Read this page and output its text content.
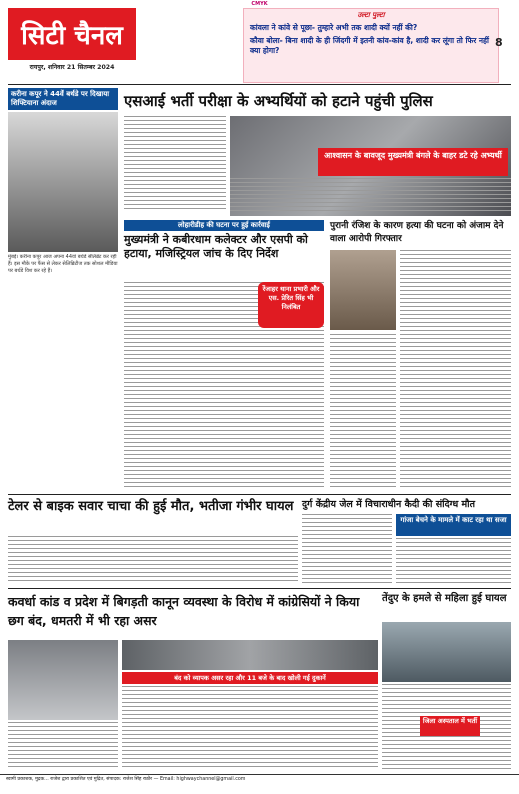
CMYK
सिटी चैनल
रायपुर, शनिवार 21 सितम्बर 2024
उल्टा पुल्टा
कांवला ने कांवे से पूछा- तुम्हारे अभी तक शादी क्यों नहीं की?
कौवा बोला- बिना शादी के ही जिंदगी में इतनी कांव-कांव है, शादी कर लूंगा तो फिर नहीं क्या होगा?
8
करीना कपूर ने 44वें बर्थडे पर दिखाया शिफ्टियाना अंदाज
मुंबई। करीना कपूर आज अपना 44वां बर्थडे सेलिब्रेट कर रही हैं। इस मौके पर फैंस से लेकर सेलिब्रिटीज तक सोशल मीडिया पर बर्थडे विश कर रहे हैं।
एसआई भर्ती परीक्षा के अभ्यर्थियों को हटाने पहुंची पुलिस
आश्वासन के बावजूद मुख्यमंत्री बंगले के बाहर डटे रहे अभ्यर्थी
लोहारीडीह की घटना पर हुई कार्रवाई
मुख्यमंत्री ने कबीरधाम कलेक्टर और एसपी को हटाया, मजिस्ट्रियल जांच के दिए निर्देश
रेंजाहर थाना प्रभारी और एस. प्रेरित सिंह भी निलंबित
पुरानी रंजिश के कारण हत्या की घटना को अंजाम देने वाला आरोपी गिरफ्तार
टेलर से बाइक सवार चाचा की हुई मौत, भतीजा गंभीर घायल दुर्ग केंद्रीय जेल में विचाराधीन कैदी की संदिग्ध मौत
गांजा बेचने के मामले में काट रहा था सजा
कवर्धा कांड व प्रदेश में बिगड़ती कानून व्यवस्था के विरोध में कांग्रेसियों ने किया छग बंद, धमतरी में भी रहा असर
बंद को व्यापक असर रहा और 11 बजे के बाद खोली गई दुकानें
तेंदुए के हमले से महिला हुई घायल
जिला अस्पताल में भर्ती
स्वामी प्रकाशक, मुद्रक... राजेश द्वारा प्रकाशित एवं मुद्रित, संपादक: राजेश सिंह राठौर — Email: highwaychannel@gmail.com
